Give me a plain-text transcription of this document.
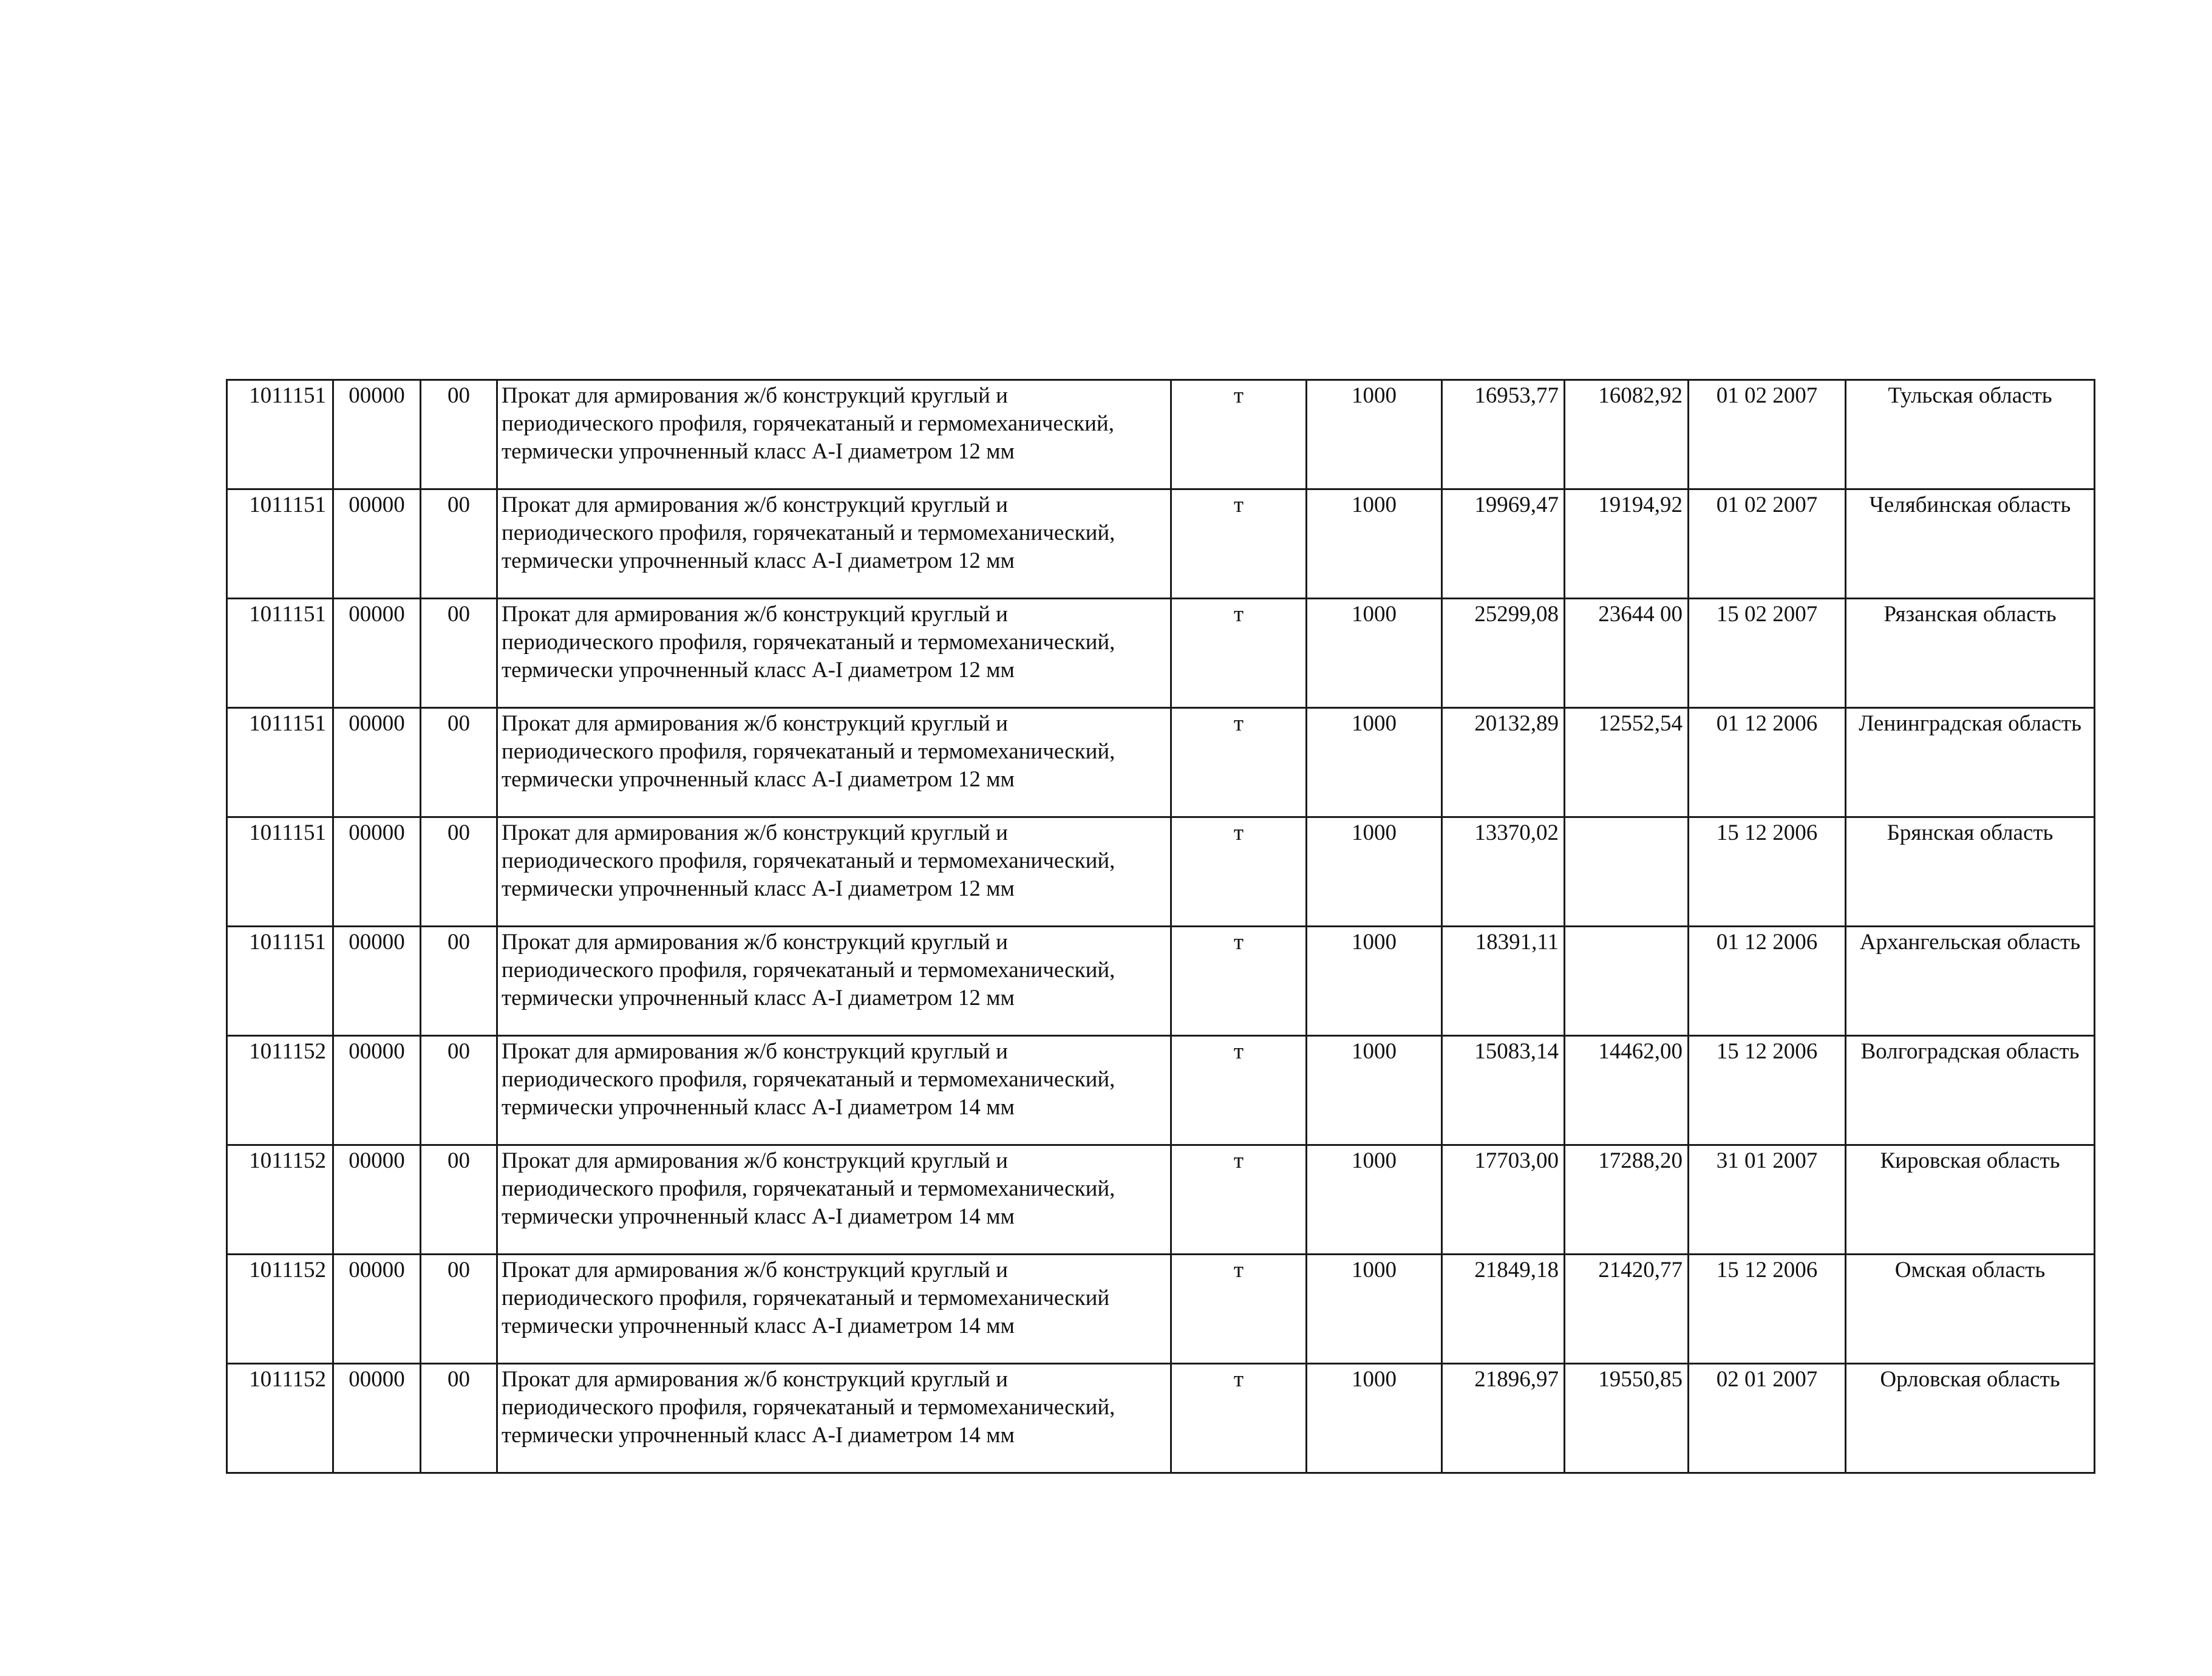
1011151	00000	00	Прокат для армирования ж/б конструкций круглый и периодического профиля, горячекатаный и гермомеханический, термически упрочненный класс А-I диаметром 12 мм	т	1000	16953,77	16082,92	01 02 2007	Тульская область
1011151	00000	00	Прокат для армирования ж/б конструкций круглый и периодического профиля, горячекатаный и термомеханический, термически упрочненный класс А-I диаметром 12 мм	т	1000	19969,47	19194,92	01 02 2007	Челябинская область
1011151	00000	00	Прокат для армирования ж/б конструкций круглый и периодического профиля, горячекатаный и термомеханический, термически упрочненный класс А-I диаметром 12 мм	т	1000	25299,08	23644 00	15 02 2007	Рязанская область
1011151	00000	00	Прокат для армирования ж/б конструкций круглый и периодического профиля, горячекатаный и термомеханический, термически упрочненный класс А-I диаметром 12 мм	т	1000	20132,89	12552,54	01 12 2006	Ленинградская область
1011151	00000	00	Прокат для армирования ж/б конструкций круглый и периодического профиля, горячекатаный и термомеханический, термически упрочненный класс А-I диаметром 12 мм	т	1000	13370,02		15 12 2006	Брянская область
1011151	00000	00	Прокат для армирования ж/б конструкций круглый и периодического профиля, горячекатаный и термомеханический, термически упрочненный класс А-I диаметром 12 мм	т	1000	18391,11		01 12 2006	Архангельская область
1011152	00000	00	Прокат для армирования ж/б конструкций круглый и периодического профиля, горячекатаный и термомеханический, термически упрочненный класс А-I диаметром 14 мм	т	1000	15083,14	14462,00	15 12 2006	Волгоградская область
1011152	00000	00	Прокат для армирования ж/б конструкций круглый и периодического профиля, горячекатаный и термомеханический, термически упрочненный класс А-I диаметром 14 мм	т	1000	17703,00	17288,20	31 01 2007	Кировская область
1011152	00000	00	Прокат для армирования ж/б конструкций круглый и периодического профиля, горячекатаный и термомеханический термически упрочненный класс А-I диаметром 14 мм	т	1000	21849,18	21420,77	15 12 2006	Омская область
1011152	00000	00	Прокат для армирования ж/б конструкций круглый и периодического профиля, горячекатаный и термомеханический, термически упрочненный класс А-I диаметром 14 мм	т	1000	21896,97	19550,85	02 01 2007	Орловская область
